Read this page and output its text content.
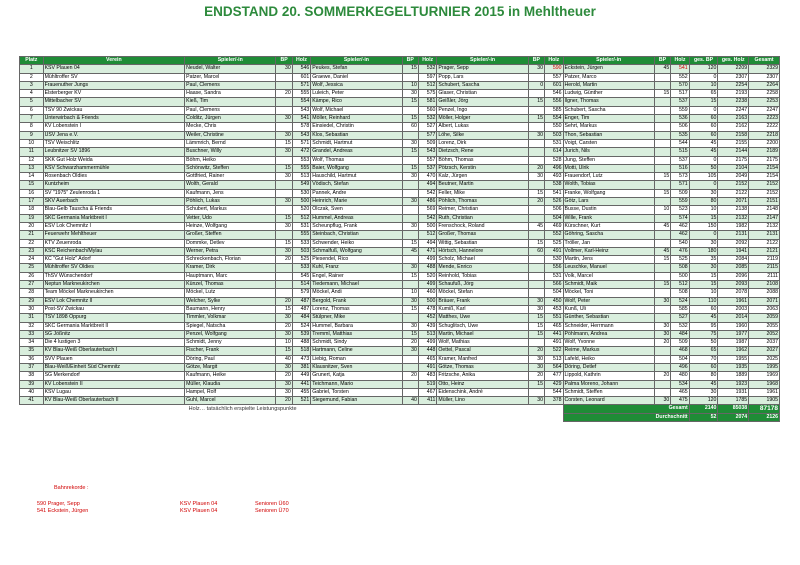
ENDSTAND 20. SOMMERKEGELTURNIER 2015 in Mehltheuer
Platz	Verein	Spieler/-in	BP	Holz	Spieler/-in	BP	Holz	Spieler/-in	BP	Holz	Spieler/-in	BP	Holz	ges. BP	ges. Holz	Gesamt
1	KSV Plauen 04	Neudel, Walter	30	546	Peukes, Stefan	15	532	Prager, Sepp	30	590	Eckstein, Jürgen	45	541	120	2209	2329
2	Mühltroffer SV	Patzer, Marcel		601	Graewe, Daniel		597	Popp, Lars		557	Patzer, Marco		552	0	2307	2307
3	Frauenuther Jungs	Paul, Clemens		571	Wolf, Jessica	10	512	Schubert, Sascha	0	601	Herold, Martin		570	10	2254	2264
4	Elsterberger KV	Haase, Sandra	20	555	Luleich, Peter	30	575	Glaser, Christian		546	Ludwig, Günther	15	517	65	2193	2258
5	Mittelbacher SV	Kieß, Tim		554	Kämpe, Rico	15	581	Geißler, Jörg	15	556	Ilgner, Thomas		537	15	2238	2253
6	TSV 90 Zwickau	Paul, Clemens		543	Wolf, Michael		560	Penzel, Ingo		585	Schubert, Sascha		559	0	2247	2247
7	Unterwirbach & Friends	Colditz, Jürgen	30	541	Möller, Reinhard	15	532	Möller, Holger	15	554	Enger, Tim		536	60	2163	2223
8	KV Lobenstein I	Mecke, Chris		578	Einsiedel, Christin	60	527	Albert, Lukas		550	Sehrt, Markus		506	60	2162	2222
9	USV Jena e.V.	Weiler, Christine	30	543	Klos, Sebastian		577	Löhe, Silke	30	503	Thon, Sebastian		535	60	2158	2218
10	TSV Weischlitz	Lämmrich, Bernd	15	571	Schmidt, Hartmut	30	509	Lorenz, Dirk		531	Voigt, Carsten		544	45	2155	2200
11	Leubnitzer SV 1896	Buschner, Willy	30	472	Grandel, Andreas	15	543	Dietzsch, Rene		614	Jurich, Nils		515	45	2144	2189
12	SKK Gut Holz Weida	Böhm, Heiko		553	Wolf, Thomas		557	Böhm, Thomas		528	Jung, Steffen		537	0	2175	2175
13	KSV Schwarzhammermühle	Schönwitz, Steffen	15	555	Baier, Wolfgang	15	537	Pötzsch, Kerstin	20	496	Motti, Ulrik		516	50	2104	2154
14	Rosenbach Oldies	Gottfried, Rainer	30	513	Hauschild, Hartmut	30	470	Kalz, Jürgen	30	493	Frauendorf, Lutz	15	573	105	2049	2154
15	Kuntzheim	Wolth, Gerald		549	Vödisch, Stefan		494	Beutner, Martin		538	Wolth, Tobias		571	0	2152	2152
16	SV "1975" Zeulenroda 1	Kaufmann, Jens		530	Pannek, Andre		542	Feller, Mike	15	541	Franke, Wolfgang	15	509	30	2122	2152
17	SKV Auerbach	Pöhlich, Lukas	30	500	Heinrich, Marie	30	486	Pöhlich, Thomas	20	526	Götz, Lars		559	80	2071	2151
18	Blau-Gelb Tauscha & Friends	Schubert, Markus		520	Olczak, Sven		569	Reimer, Christian		506	Busse, Dustin	10	523	10	2138	2148
19	SKC Germania Marktbreit I	Vetter, Udo	15	512	Hummel, Andreas		542	Ruth, Christian		504	Wille, Frank		574	15	2132	2147
20	ESV Lok Chemnitz I	Heinze, Wolfgang	30	531	Scheunpflug, Frank	30	500	Frenschock, Roland	45	469	Kürschner, Kurt	45	462	150	1982	2132
21	Feuerwehr Mehltheuer	Großer, Steffen		555	Steinbach, Christian		512	Großer, Thomas		552	Göhring, Sascha		462	0	2131	2131
22	KTV Zeuenroda	Dommke, Detlev	15	533	Schwender, Heiko	15	494	Wittig, Sebastian	15	525	Tröller, Jan		540	30	2092	2122
23	KSC Reichenbach/Mylau	Werner, Petra	30	503	Schmalfuß, Wolfgang	45	471	Hörtsch, Hannelore	60	491	Vollmer, Karl-Heinz	45	476	180	1941	2121
24	KC "Gut Holz" Adorf	Schreckenbach, Florian	20	525	Piesendel, Rico		499	Scholz, Michael		530	Martin, Jens	15	525	35	2084	2119
25	Mühltroffer SV Oldies	Kramer, Dirk		533	Kuhl, Franz	30	488	Mende, Enrico		556	Leuschke, Manuel		508	30	2085	2115
26	ThSV Wünschendorf	Hauptmann, Marc		545	Engel, Rainer	15	520	Reinhold, Tobias		531	Volk, Marcel		500	15	2096	2111
27	Neptun Markneukirchen	Künzel, Thomas		514	Tiedemann, Michael		499	Schaufuß, Jörg		566	Schmidt, Maik	15	512	15	2093	2108
28	Team Möckel Markneukirchen	Möckel, Lutz		579	Möckel, Andi	10	460	Möckel, Stefan		504	Möckel, Toni		508	10	2078	2088
29	ESV Lok Chemnitz II	Welcher, Sylke	20	487	Bergold, Frank	30	500	Bräuer, Frank	30	450	Wolf, Peter	30	524	110	1961	2071
30	Post-SV Zwickau	Baumann, Henry	15	487	Lorenz, Thomas	15	478	Kumiß, Karl	30	453	Kunß, Uli		585	60	2003	2063
31	TSV 1898 Oppurg	Timmler, Volkmar	30	484	Stülpner, Mike		452	Matthes, Uwe	15	551	Günther, Sebastian		527	45	2014	2059
32	SKC Germania Marktbreit II	Spiegel, Natscha	20	524	Hummel, Barbara	30	439	Schuglitsch, Uwe	15	465	Schneider, Herrmann	30	532	95	1960	2055
33	SG Jößnitz	Penzel, Wolfgang	30	539	Tremml, Matthias	15	513	Martin, Michael	15	441	Pöhlmann, Andrea	30	484	75	1977	2052
34	Die 4 lustigen 3	Schmidt, Jenny	10	488	Schmidt, Sindy	20	499	Wolf, Mathias		491	Wolf, Yvonne	20	509	50	1987	2037
35	KV Blau-Weiß Oberlauterbach I	Fischer, Frank	15	518	Hartmann, Celine	30	448	Oettel, Pascal	20	522	Reime, Markus		468	65	1962	2027
36	SVV Plauen	Döring, Paul	40	473	Liebig, Roman		465	Kramer, Manfred	30	513	Lafeld, Heiko		504	70	1955	2025
37	Blau-Weiß/Einheit Süd Chemnitz	Götze, Margit	30	381	Klausnitzer, Sven		491	Götze, Thomas	30	564	Döring, Detlef		496	60	1935	1995
38	SG Merkendorf	Kaufmann, Heike	20	449	Grunert, Katja	20	483	Fritzsche, Anika	20	477	Lippold, Kathrin	20	480	80	1889	1969
39	KV Lobenstein II	Müller, Klaudia	30	441	Teichmann, Mario		519	Otto, Heinz	15	429	Palma Moreno, Johann		534	45	1923	1968
40	KSV Lugau	Hampel, Rolf	30	455	Gabriel, Torsten		467	Eidenschink, André		544	Schmidt, Steffen		465	30	1931	1961
41	KV Blau-Weiß Oberlauterbach II	Guhl, Marcel	20	521	Siegemund, Fabian	40	411	Müller, Lino	30	378	Corsten, Leonard	30	475	120	1785	1905
		Holz… tatsächlich erspielte Leistungspunkte									Gesamt			2140	85038	87178
											Durchschnitt			52	2074	2126
Bahnrekorde :
590 Prager, Sepp	KSV Plauen 04	Senioren Ü60
541 Eckstein, Jürgen	KSV Plauen 04	Senioren Ü70
